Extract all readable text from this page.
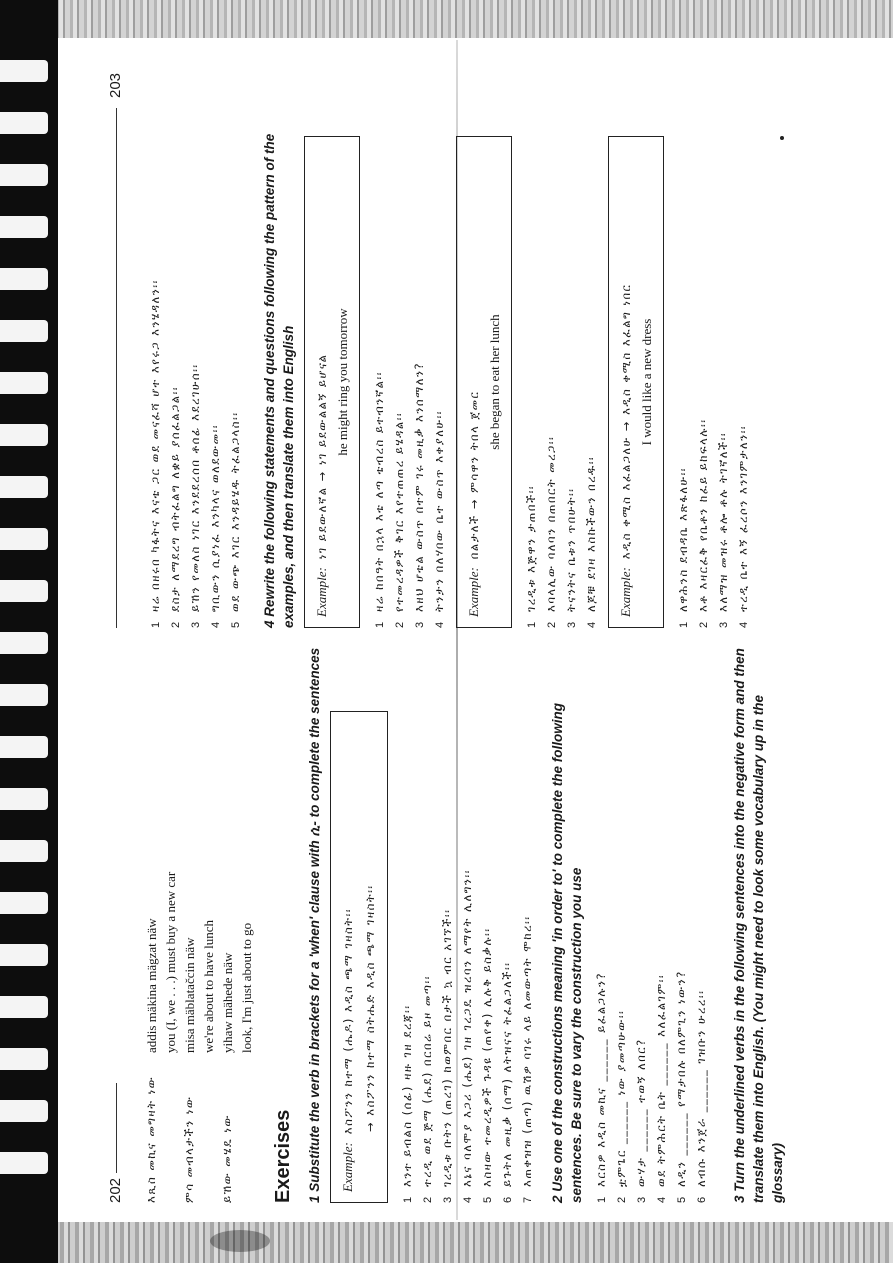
202 እጺስ መኪና መግዛት ነው
addis mäkina mägzat näw you (I, we . . .) must buy a new car
ምሳ መብላታችን ነው
misa mäblatačcin näw we're about to have lunch
ይኸው መሄዴ ነው
yihaw mähede näw look, I'm just about to go
Exercises 1 Substitute the verb in brackets for a 'when' clause with ሲ- to complete the sentences Example:እስፖንን ከተማ (ሔዶ) እዲስ ጫማ ገዛስት፡፡ → እስፖንን ከተማ ስትሔድ እዲስ ጫማ ገዛስት፡፡
1እንተ ይብልስ (ሰፊ) ዛዙ ገዘ ደረጃ፡፡
2ተረዲ ወደ ጅማ (ሔደ) በርበሬ ይዞ መጣ፡፡
3ገረዲቱ ቡትን (ጠረገ) ከወምበር በታች ኳ ብር አገኘች፡፡
4እኔና ባለሞያ እጋሪ (ሔደ) ገዘ ገረጋዴ ዝረባን ለማየት ሊለግን፡፡
5እስዛው ተመረዲዎች ጉዳዩ (ጠየቀ) ሊሉቅ ይስቃሉ፡፡
6ይጉትለ መዚቃ (ሰማ) ለትዝናና ትፈልጋለች፡፡
7እጠቀዝዝ (ጠጣ) ዉሽዎ ባገሩ ላይ ለመውጣት ሞከረ፡፡ 2 Use one of the constructions meaning 'in order to' to complete the following sentences. Be sure to vary the construction you use	1እርስዎ እዲስ መኪና ______ ይፈልጋሉን?
2ቷምጌር ______ ነው ያመጣሁው፡፡
3ውሃታ ______ ተወኝ ለበር?
4ወደ ትምሕርት ቤት ______ እለፈልገም፡፡
5ለዲን ______ የማታበሉ በለምጊን ነውን?
6ለብሱ እንጀራ ______ ገዝቡን ሁረረ፡፡ 3 Turn the underlined verbs in the following sentences into the negative form and then translate them into English. (You might need to look some vocabulary up in the glossary)
203
1ዛሬ በዘሩበ ካፋትና እናቴ ጋር ወደ መናፈሻ ሆተ እየሩጋ እንሄዳለን፡፡
2ደስታ ለማደረግ ብትፈልግ ለቋይ ያሰፈልጋል፡፡
3ይኸን የመለስ ነገር እንደደረሰበ ቶሰፊ እደረገሁሰ፡፡
4ግቢውን ሲያነፈ እንካላና ወለደውመ፡፡
5ወደ ውጭ እገር እንዳይሄዱ ትፈልጋላስ፡፡ 4 Rewrite the following statements and questions following the pattern of the examples, and then translate them into English Example:ነገ ይደውለኛል → ነገ ይደውልልኝ ይሆናል he might ring you tomorrow
1ዛሬ ከበዓት በኋላ እቴ ለጣ ቴብረስ ይተብንኛል፡፡
2የተመረዳዎች ቅገር እየተጠጠረ ይሄዳል፡፡
3እዘህ ሆቴል ውስጥ በተም ገሩ መዚቃ እንሰማለን?
4ትንታን በለሃበው ቤተ ውስጥ እቀያለሁ፡፡	Example:በልታለች → ምሳዋን ትበላ ጀመር
she began to eat her lunch
1ገረዲቱ እጅዋን ታጠበች፡፡
2እባላሊው ባለባን በጠበርት መረጋ፡፡
3ትናንትና ቤቱን ጥበሁት፡፡
4ለጆቹ ደገዛ እስኩችውን በረዱ፡፡	Example:እዲስ ቀሚስ እፈልጋለሁ → እዲስ ቀሚስ እፈልግ ነበር I would like a new dress
1ለዋሕንስ ደብዳቤ እጽፋለሁ፡፡
2እቶ እዛርፈቅ የቤቶን ከፈይ ይከፍላሉ፡፡
3እለማዝ መዝሩ ቶሎ ቶሉ ትገኛለች፡፡
4ተረዲ ቤተ እኝ ፈረሶን እንገምታለን፡፡
